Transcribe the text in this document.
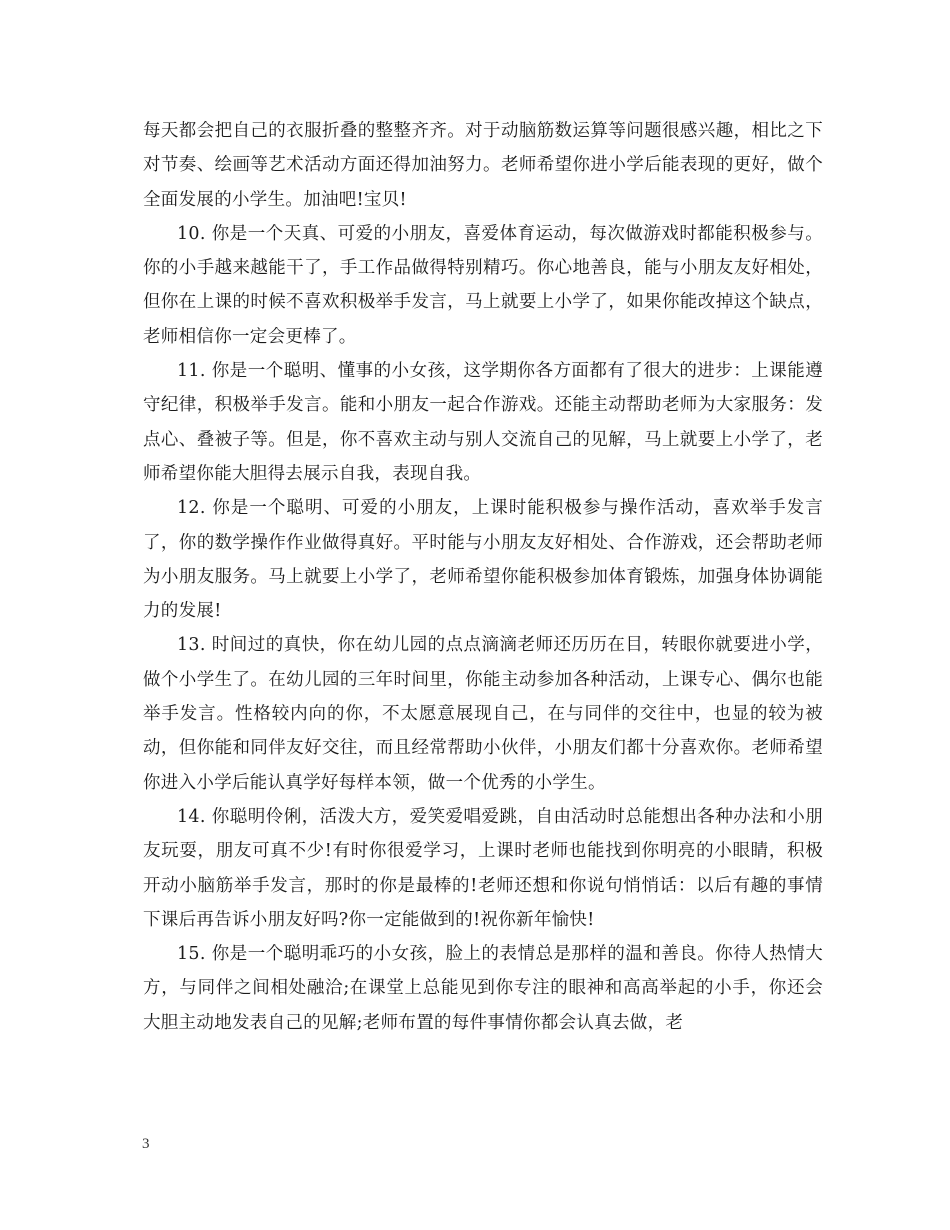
每天都会把自己的衣服折叠的整整齐齐。对于动脑筋数运算等问题很感兴趣，相比之下对节奏、绘画等艺术活动方面还得加油努力。老师希望你进小学后能表现的更好，做个全面发展的小学生。加油吧!宝贝!

10. 你是一个天真、可爱的小朋友，喜爱体育运动，每次做游戏时都能积极参与。你的小手越来越能干了，手工作品做得特别精巧。你心地善良，能与小朋友友好相处，但你在上课的时候不喜欢积极举手发言，马上就要上小学了，如果你能改掉这个缺点，老师相信你一定会更棒了。

11. 你是一个聪明、懂事的小女孩，这学期你各方面都有了很大的进步：上课能遵守纪律，积极举手发言。能和小朋友一起合作游戏。还能主动帮助老师为大家服务：发点心、叠被子等。但是，你不喜欢主动与别人交流自己的见解，马上就要上小学了，老师希望你能大胆得去展示自我，表现自我。

12. 你是一个聪明、可爱的小朋友，上课时能积极参与操作活动，喜欢举手发言了，你的数学操作作业做得真好。平时能与小朋友友好相处、合作游戏，还会帮助老师为小朋友服务。马上就要上小学了，老师希望你能积极参加体育锻炼，加强身体协调能力的发展!

13. 时间过的真快，你在幼儿园的点点滴滴老师还历历在目，转眼你就要进小学，做个小学生了。在幼儿园的三年时间里，你能主动参加各种活动，上课专心、偶尔也能举手发言。性格较内向的你，不太愿意展现自己，在与同伴的交往中，也显的较为被动，但你能和同伴友好交往，而且经常帮助小伙伴，小朋友们都十分喜欢你。老师希望你进入小学后能认真学好每样本领，做一个优秀的小学生。

14. 你聪明伶俐，活泼大方，爱笑爱唱爱跳，自由活动时总能想出各种办法和小朋友玩耍，朋友可真不少!有时你很爱学习，上课时老师也能找到你明亮的小眼睛，积极开动小脑筋举手发言，那时的你是最棒的!老师还想和你说句悄悄话：以后有趣的事情下课后再告诉小朋友好吗?你一定能做到的!祝你新年愉快!

15. 你是一个聪明乖巧的小女孩，脸上的表情总是那样的温和善良。你待人热情大方，与同伴之间相处融洽;在课堂上总能见到你专注的眼神和高高举起的小手，你还会大胆主动地发表自己的见解;老师布置的每件事情你都会认真去做，老

3
